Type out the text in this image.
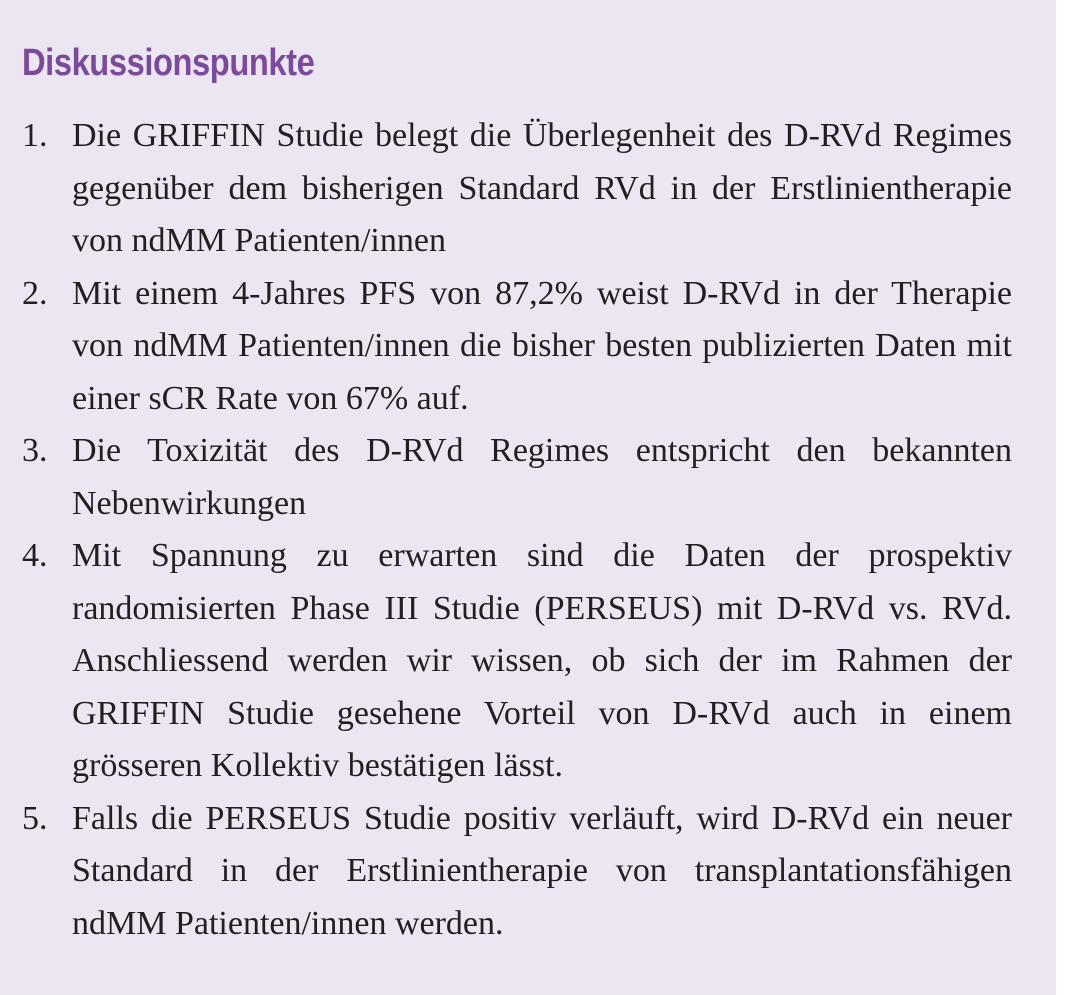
Diskussionspunkte
1. Die GRIFFIN Studie belegt die Überlegenheit des D-RVd Regimes gegenüber dem bisherigen Standard RVd in der Erstlinientherapie von ndMM Patienten/innen
2. Mit einem 4-Jahres PFS von 87,2% weist D-RVd in der Therapie von ndMM Patienten/innen die bisher besten publizierten Daten mit einer sCR Rate von 67% auf.
3. Die Toxizität des D-RVd Regimes entspricht den bekannten Nebenwirkungen
4. Mit Spannung zu erwarten sind die Daten der prospektiv randomisierten Phase III Studie (PERSEUS) mit D-RVd vs. RVd. Anschliessend werden wir wissen, ob sich der im Rahmen der GRIFFIN Studie gesehene Vorteil von D-RVd auch in einem grösseren Kollektiv bestätigen lässt.
5. Falls die PERSEUS Studie positiv verläuft, wird D-RVd ein neuer Standard in der Erstlinientherapie von transplantationsfähigen ndMM Patienten/innen werden.
